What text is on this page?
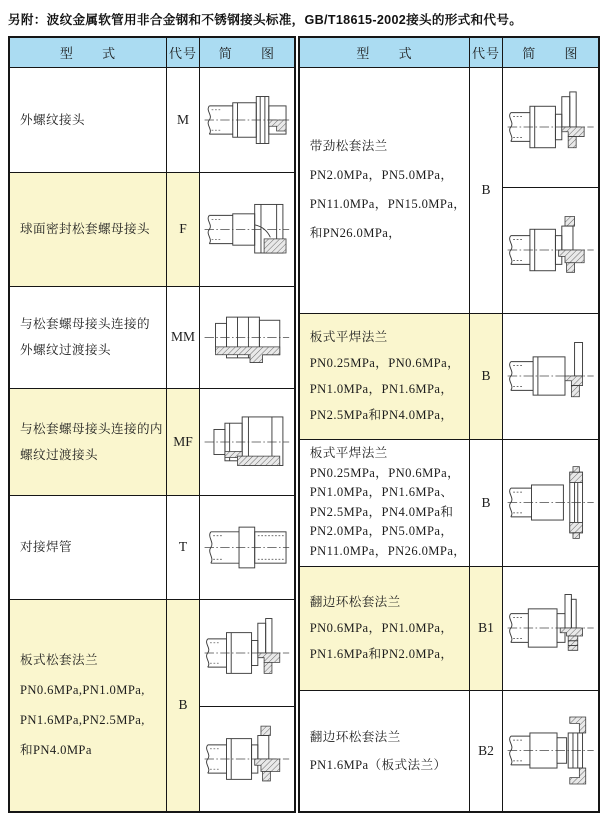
另附：波纹金属软管用非合金钢和不锈钢接头标准，GB/T18615-2002接头的形式和代号。
型 式	代号	简 图

外螺纹接头	M	

球面密封松套螺母接头	F	

与松套螺母接头连接的
外螺纹过渡接头	MM	

与松套螺母接头连接的内
螺纹过渡接头	MF	

对接焊管	T	

板式松套法兰
PN0.6MPa,PN1.0MPa,
PN1.6MPa,PN2.5MPa,
和PN4.0MPa	B	

型 式	代号	简 图

带劲松套法兰
PN2.0MPa，PN5.0MPa，
PN11.0MPa，PN15.0MPa，
和PN26.0MPa，	B	

板式平焊法兰
PN0.25MPa，PN0.6MPa，
PN1.0MPa，PN1.6MPa，
PN2.5MPa和PN4.0MPa，	B	

板式平焊法兰
PN0.25MPa，PN0.6MPa，
PN1.0MPa，PN1.6MPa、
PN2.5MPa，PN4.0MPa和
PN2.0MPa，PN5.0MPa，
PN11.0MPa，PN26.0MPa，
	B	

翻边环松套法兰
PN0.6MPa，PN1.0MPa，
PN1.6MPa和PN2.0MPa，	B1	

翻边环松套法兰
PN1.6MPa（板式法兰）	B2	
